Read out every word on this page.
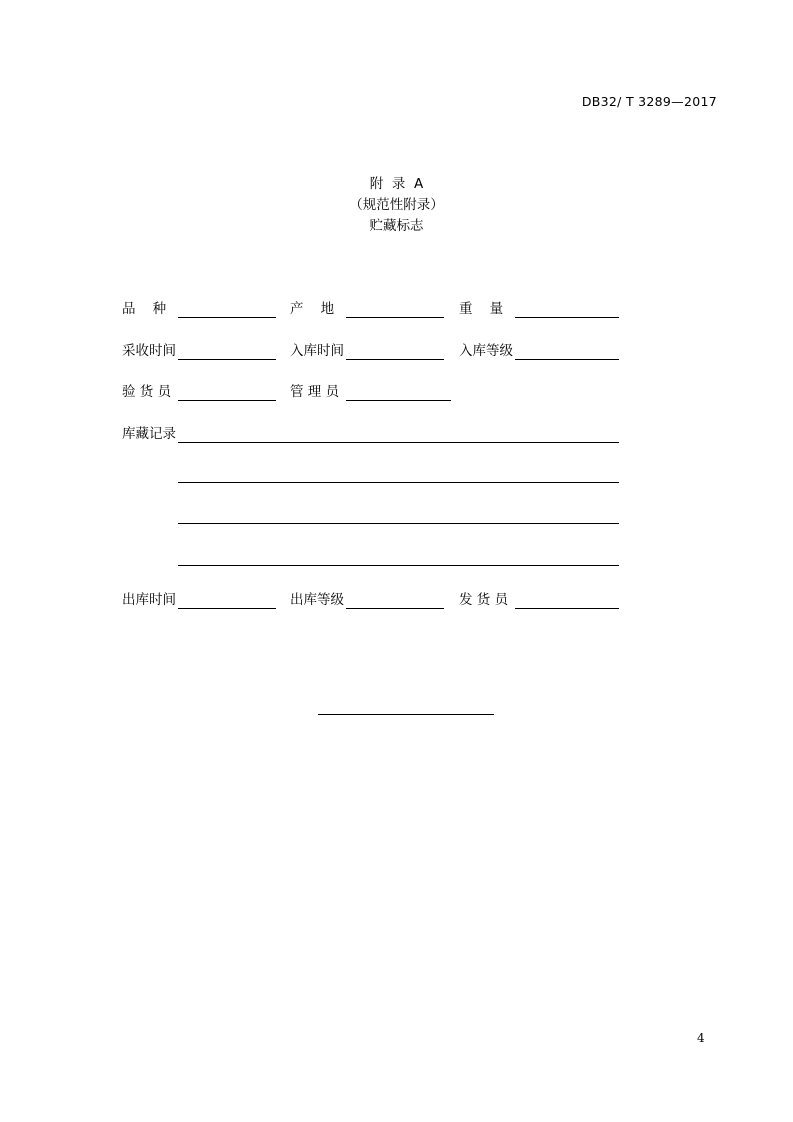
DB32/ T 3289—2017
附  录  A
（规范性附录）
贮藏标志
品    种	产    地	重    量
采收时间	入库时间	入库等级
验 货 员	管 理 员
库藏记录
出库时间	出库等级	发 货 员
4
